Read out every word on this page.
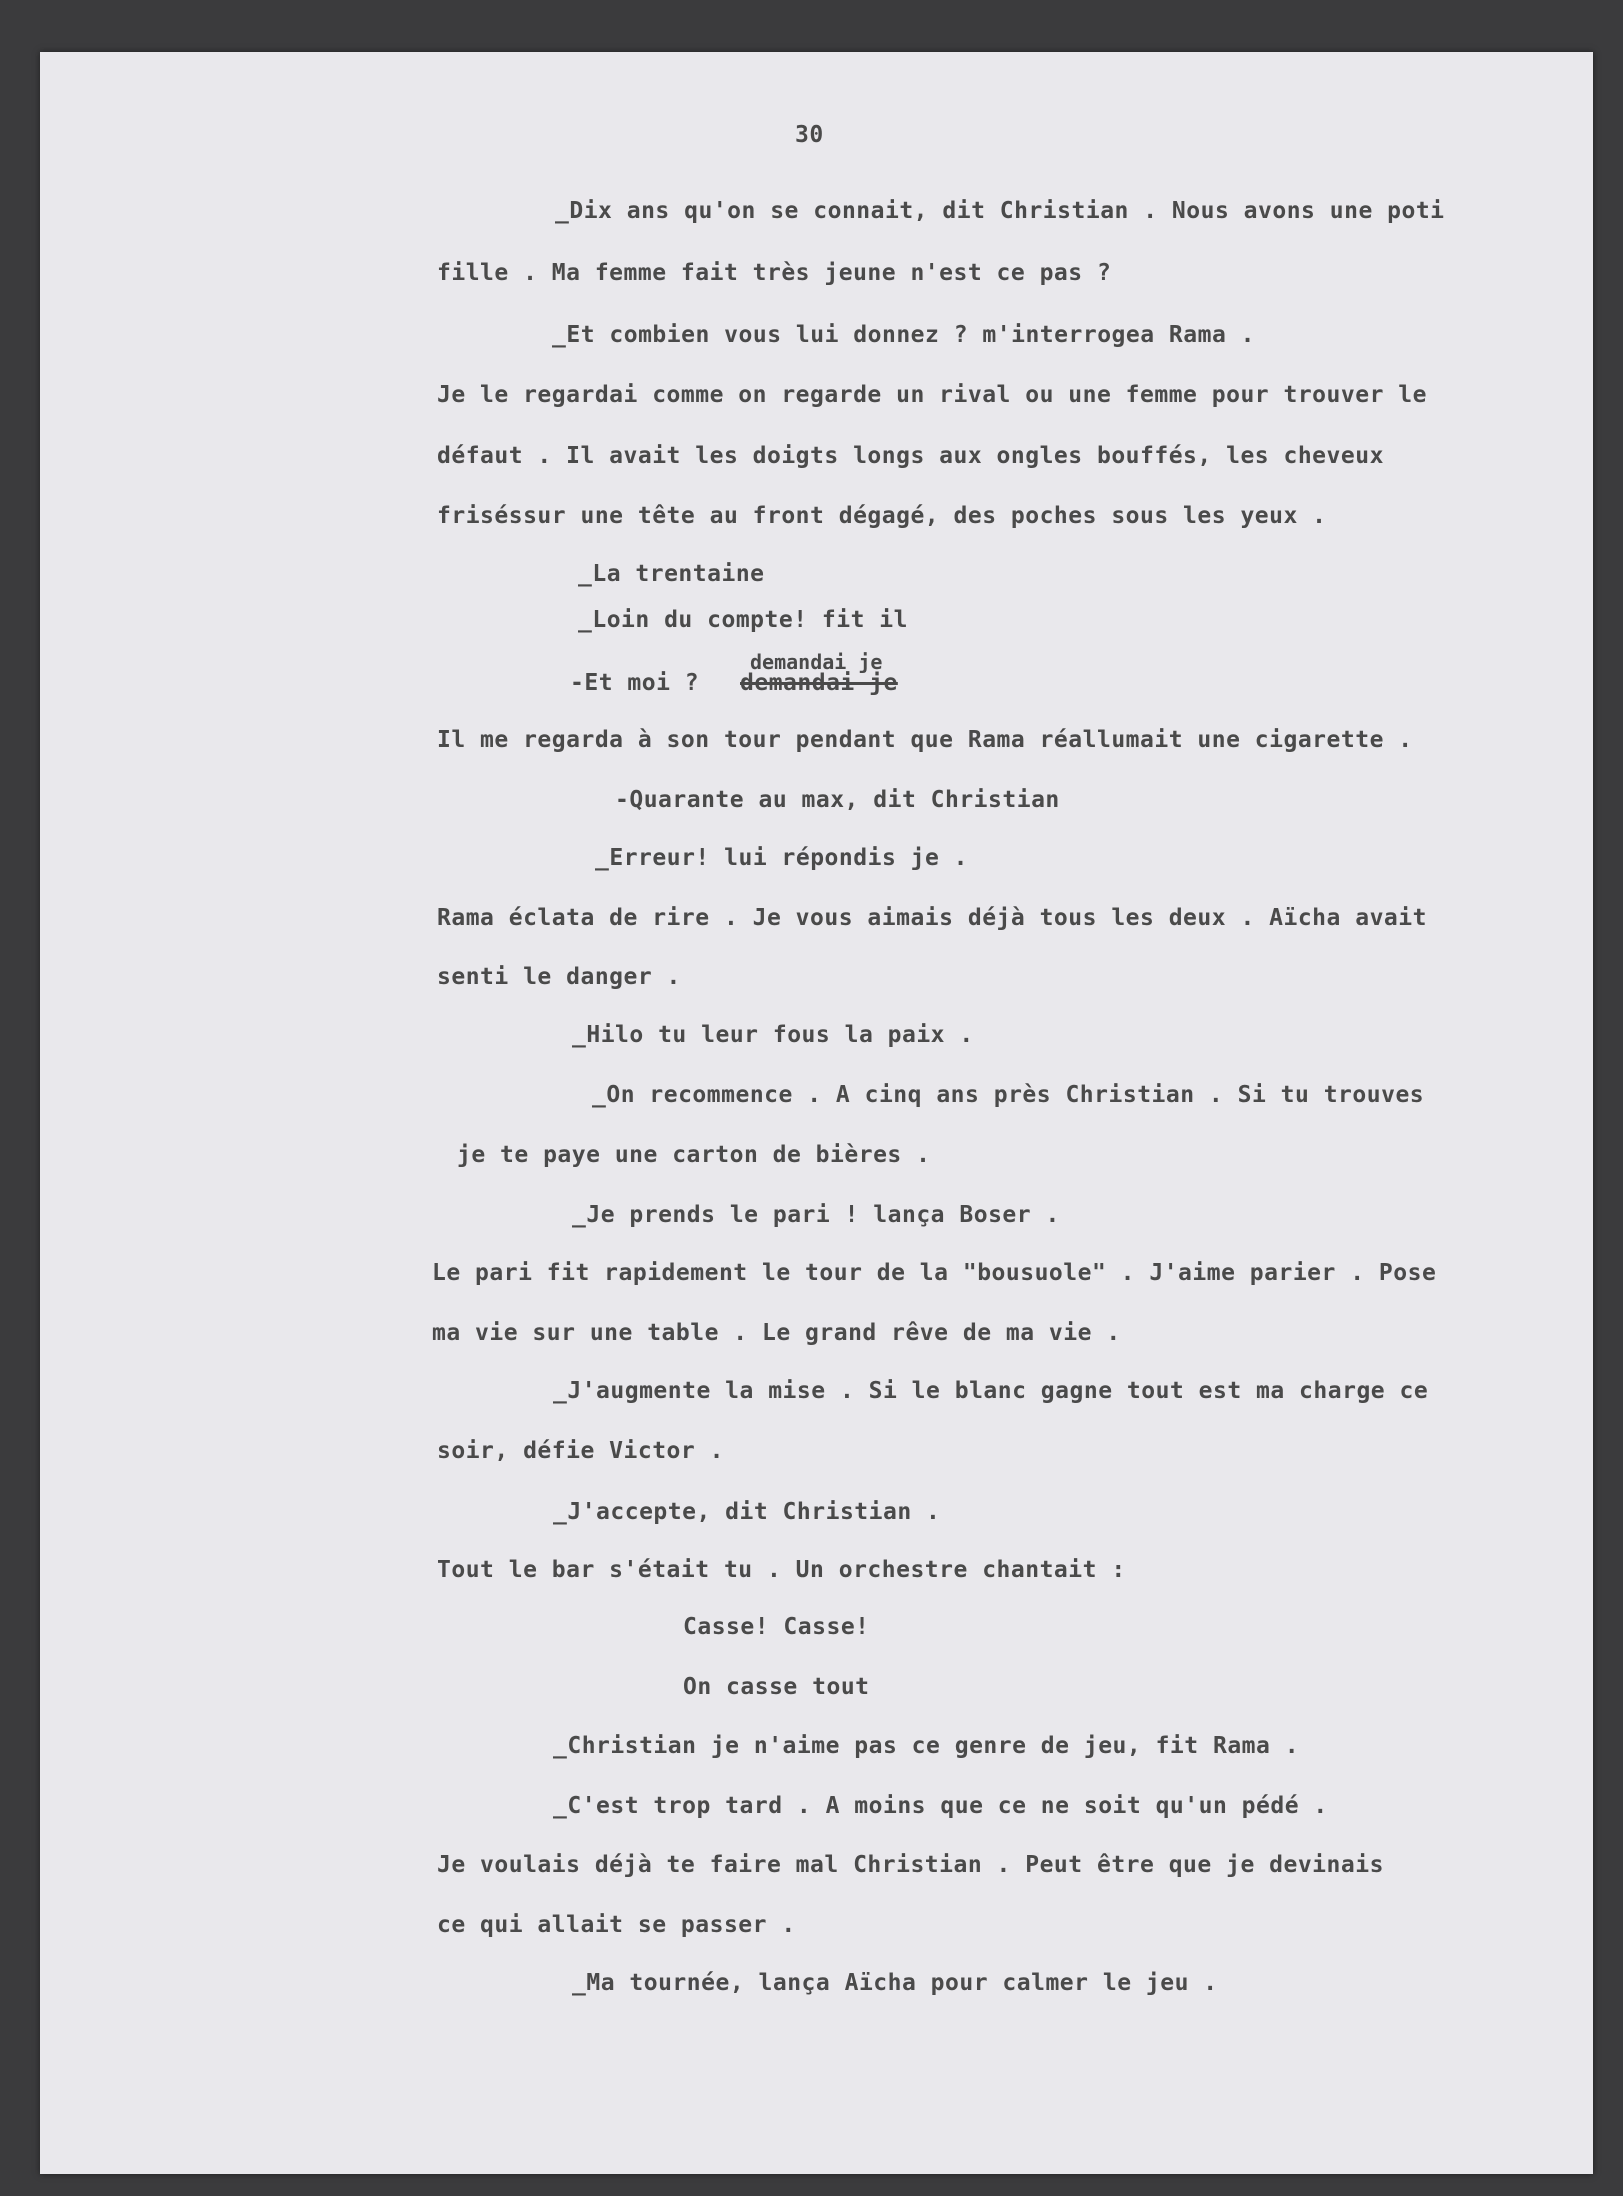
30
_Dix ans qu'on se connait, dit Christian . Nous avons une poti
fille . Ma femme fait très jeune n'est ce pas ?
_Et combien vous lui donnez ? m'interrogea Rama .
Je le regardai comme on regarde un rival ou une femme pour trouver le
défaut . Il avait les doigts longs aux ongles bouffés, les cheveux
friséssur une tête au front dégagé, des poches sous les yeux .
_La trentaine
_Loin du compte! fit il
-Et moi ?
demandai je
demandai je
Il me regarda à son tour pendant que Rama réallumait une cigarette .
-Quarante au max, dit Christian
_Erreur! lui répondis je .
Rama éclata de rire . Je vous aimais déjà tous les deux . Aïcha avait
senti le danger .
_Hilo tu leur fous la paix .
_On recommence . A cinq ans près Christian . Si tu trouves
je te paye une carton de bières .
_Je prends le pari ! lança Boser .
Le pari fit rapidement le tour de la "bousuole" . J'aime parier . Pose
ma vie sur une table . Le grand rêve de ma vie .
_J'augmente la mise . Si le blanc gagne tout est ma charge ce
soir, défie Victor .
_J'accepte, dit Christian .
Tout le bar s'était tu . Un orchestre chantait :
Casse! Casse!
On casse tout
_Christian je n'aime pas ce genre de jeu, fit Rama .
_C'est trop tard . A moins que ce ne soit qu'un pédé .
Je voulais déjà te faire mal Christian . Peut être que je devinais
ce qui allait se passer .
_Ma tournée, lança Aïcha pour calmer le jeu .
